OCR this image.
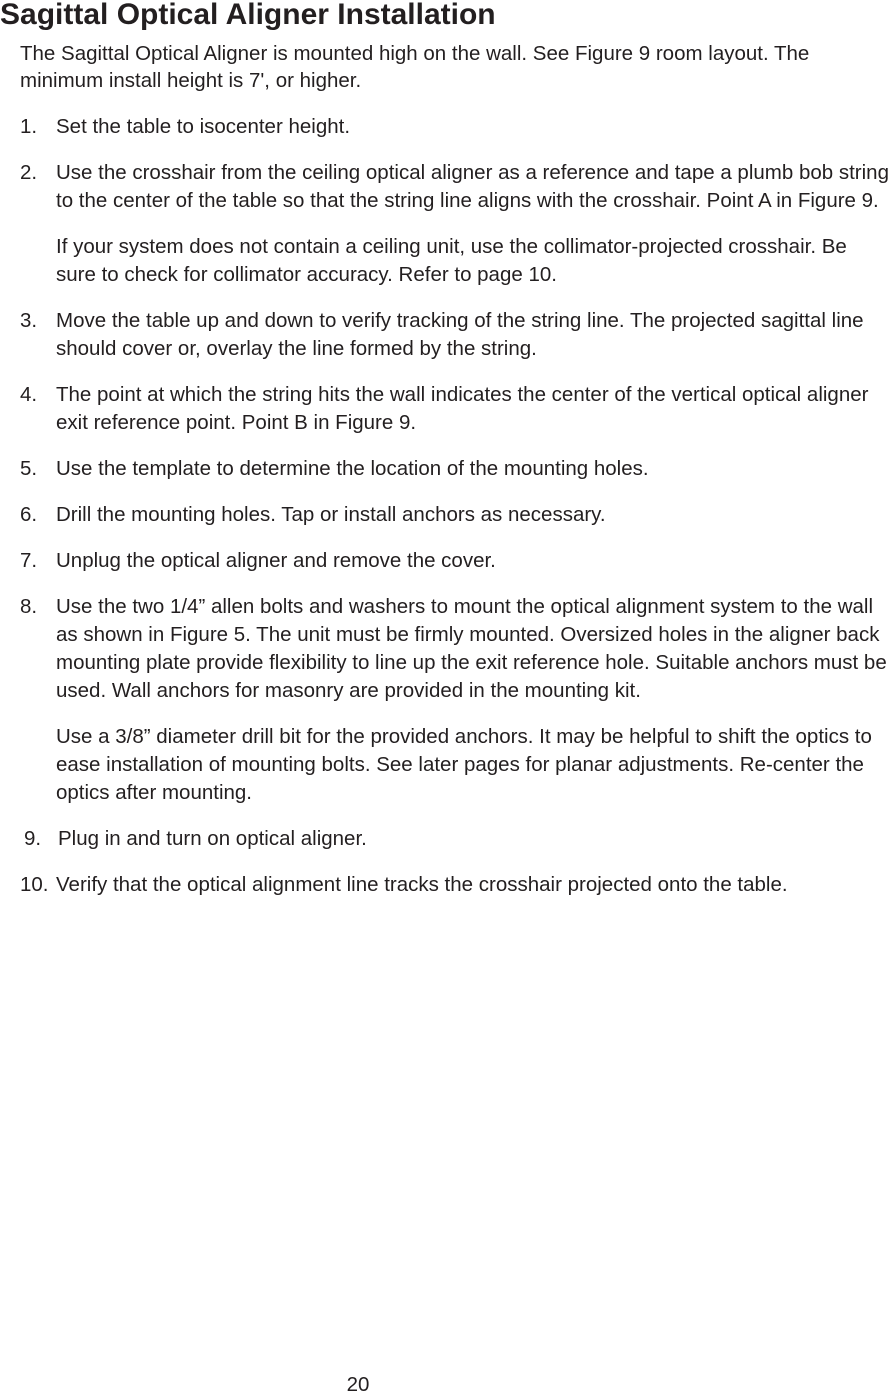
Sagittal Optical Aligner Installation

The Sagittal Optical Aligner is mounted high on the wall. See Figure 9 room layout. The minimum install height is 7', or higher.

1. Set the table to isocenter height.

2. Use the crosshair from the ceiling optical aligner as a reference and tape a plumb bob string to the center of the table so that the string line aligns with the crosshair. Point A in Figure 9.

If your system does not contain a ceiling unit, use the collimator-projected crosshair. Be sure to check for collimator accuracy. Refer to page 10.

3. Move the table up and down to verify tracking of the string line. The projected sagittal line should cover or, overlay the line formed by the string.

4. The point at which the string hits the wall indicates the center of the vertical optical aligner exit reference point. Point B in Figure 9.

5. Use the template to determine the location of the mounting holes.

6. Drill the mounting holes. Tap or install anchors as necessary.

7. Unplug the optical aligner and remove the cover.

8. Use the two 1/4” allen bolts and washers to mount the optical alignment system to the wall as shown in Figure 5. The unit must be firmly mounted. Oversized holes in the aligner back mounting plate provide flexibility to line up the exit reference hole. Suitable anchors must be used. Wall anchors for masonry are provided in the mounting kit.

Use a 3/8” diameter drill bit for the provided anchors. It may be helpful to shift the optics to ease installation of mounting bolts. See later pages for planar adjustments. Re-center the optics after mounting.

9. Plug in and turn on optical aligner.

10. Verify that the optical alignment line tracks the crosshair projected onto the table.

20
